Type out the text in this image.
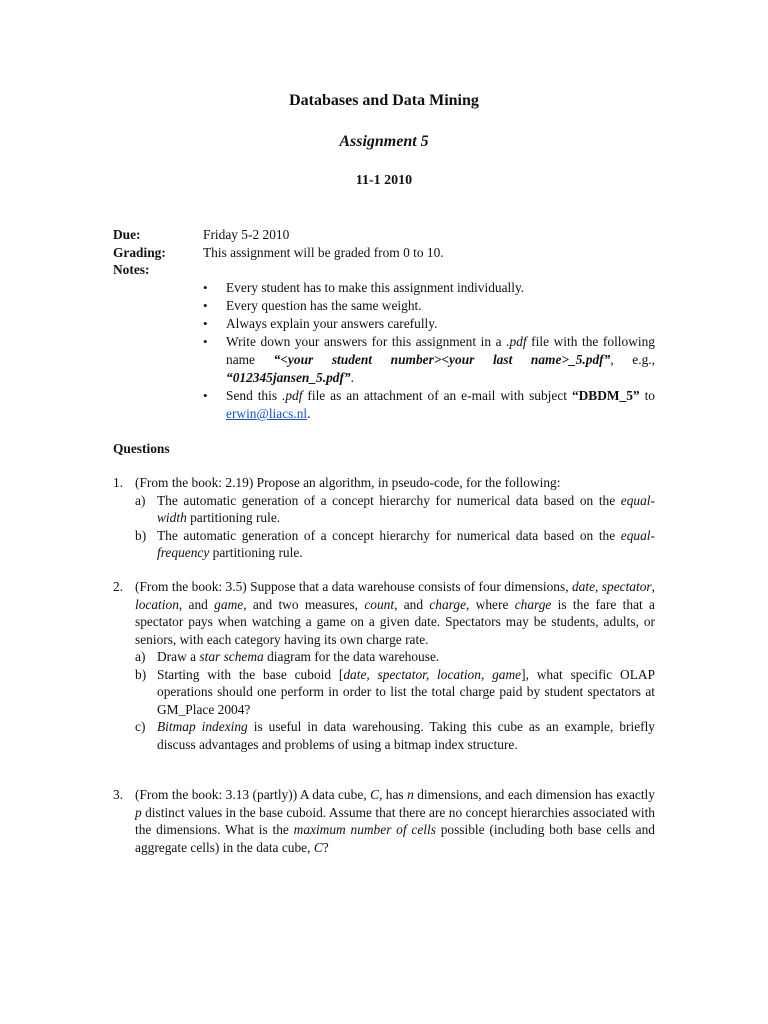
Databases and Data Mining
Assignment 5
11-1 2010
Due:	Friday 5-2 2010
Grading:	This assignment will be graded from 0 to 10.
Notes:
• Every student has to make this assignment individually.
• Every question has the same weight.
• Always explain your answers carefully.
• Write down your answers for this assignment in a .pdf file with the following name “<your student number><your last name>_5.pdf”, e.g., “012345jansen_5.pdf”.
• Send this .pdf file as an attachment of an e-mail with subject “DBDM_5” to erwin@liacs.nl.
Questions
1. (From the book: 2.19) Propose an algorithm, in pseudo-code, for the following:
a) The automatic generation of a concept hierarchy for numerical data based on the equal-width partitioning rule.
b) The automatic generation of a concept hierarchy for numerical data based on the equal-frequency partitioning rule.
2. (From the book: 3.5) Suppose that a data warehouse consists of four dimensions, date, spectator, location, and game, and two measures, count, and charge, where charge is the fare that a spectator pays when watching a game on a given date. Spectators may be students, adults, or seniors, with each category having its own charge rate.
a) Draw a star schema diagram for the data warehouse.
b) Starting with the base cuboid [date, spectator, location, game], what specific OLAP operations should one perform in order to list the total charge paid by student spectators at GM_Place 2004?
c) Bitmap indexing is useful in data warehousing. Taking this cube as an example, briefly discuss advantages and problems of using a bitmap index structure.
3. (From the book: 3.13 (partly)) A data cube, C, has n dimensions, and each dimension has exactly p distinct values in the base cuboid. Assume that there are no concept hierarchies associated with the dimensions. What is the maximum number of cells possible (including both base cells and aggregate cells) in the data cube, C?
